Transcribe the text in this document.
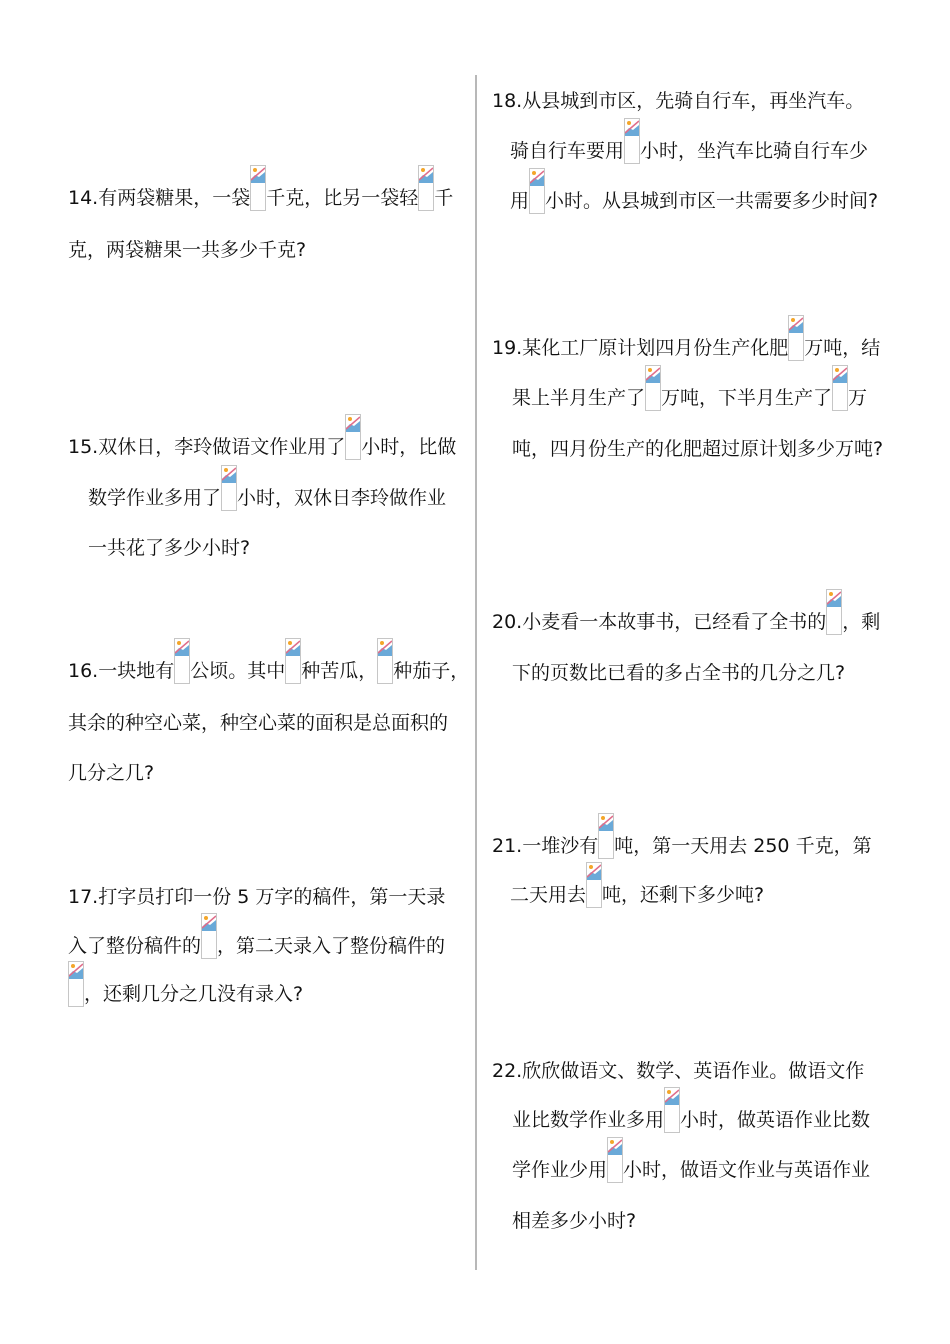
14.有两袋糖果，一袋 千克，比另一袋轻 千
克，两袋糖果一共多少千克?
15.双休日，李玲做语文作业用了 小时，比做
数学作业多用了 小时，双休日李玲做作业
一共花了多少小时?
16.一块地有 公顷。其中 种苦瓜， 种茄子，
其余的种空心菜，种空心菜的面积是总面积的
几分之几?
17.打字员打印一份 5 万字的稿件，第一天录
入了整份稿件的 ，第二天录入了整份稿件的
，还剩几分之几没有录入?
18.从县城到市区，先骑自行车，再坐汽车。
骑自行车要用 小时，坐汽车比骑自行车少
用 小时。从县城到市区一共需要多少时间?
19.某化工厂原计划四月份生产化肥 万吨，结
果上半月生产了 万吨，下半月生产了 万
吨，四月份生产的化肥超过原计划多少万吨?
20.小麦看一本故事书，已经看了全书的 ，剩
下的页数比已看的多占全书的几分之几?
21.一堆沙有 吨，第一天用去 250 千克，第
二天用去 吨，还剩下多少吨?
22.欣欣做语文、数学、英语作业。做语文作
业比数学作业多用 小时，做英语作业比数
学作业少用 小时，做语文作业与英语作业
相差多少小时?
